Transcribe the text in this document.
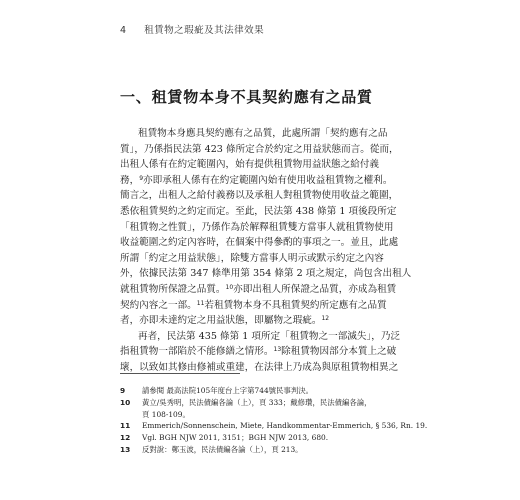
4 租賃物之瑕疵及其法律效果
一、租賃物本身不具契約應有之品質
租賃物本身應具契約應有之品質，此處所謂「契約應有之品
質」，乃係指民法第 423 條所定合於約定之用益狀態而言。從而，
出租人係有在約定範圍內，始有提供租賃物用益狀態之給付義
務，$^9$亦即承租人係有在約定範圍內始有使用收益租賃物之權利。
簡言之，出租人之給付義務以及承租人對租賃物使用收益之範圍，
悉依租賃契約之約定而定。至此，民法第 438 條第 1 項後段所定
「租賃物之性質」，乃係作為於解釋租賃雙方當事人就租賃物使用
收益範圍之約定內容時，在個案中得參酌的事項之一。並且，此處
所謂「約定之用益狀態」，除雙方當事人明示或默示約定之內容
外，依據民法第 347 條準用第 354 條第 2 項之規定，尚包含出租人
就租賃物所保證之品質。$^{10}$亦即出租人所保證之品質，亦成為租賃
契約內容之一部。$^{11}$若租賃物本身不具租賃契約所定應有之品質
者，亦即未達約定之用益狀態，即屬物之瑕疵。$^{12}$
再者，民法第 435 條第 1 項所定「租賃物之一部滅失」，乃泛
指租賃物一部陷於不能修繕之情形。$^{13}$除租賃物因部分本質上之破
壞，以致如其修由修補或重建，在法律上乃成為與原租賃物相異之
9	請參閱 最高法院105年度台上字第744號民事判決。
10	黃立/吳秀明，民法債編各論（上），頁 333；戴修瓚，民法債編各論，
頁 108-109。
11	Emmerich/Sonnenschein, Miete, Handkommentar-Emmerich, § 536, Rn. 19.
12	Vgl. BGH NJW 2011, 3151；BGH NJW 2013, 680.
13	反對說：鄭玉波，民法債編各論（上），頁 213。
